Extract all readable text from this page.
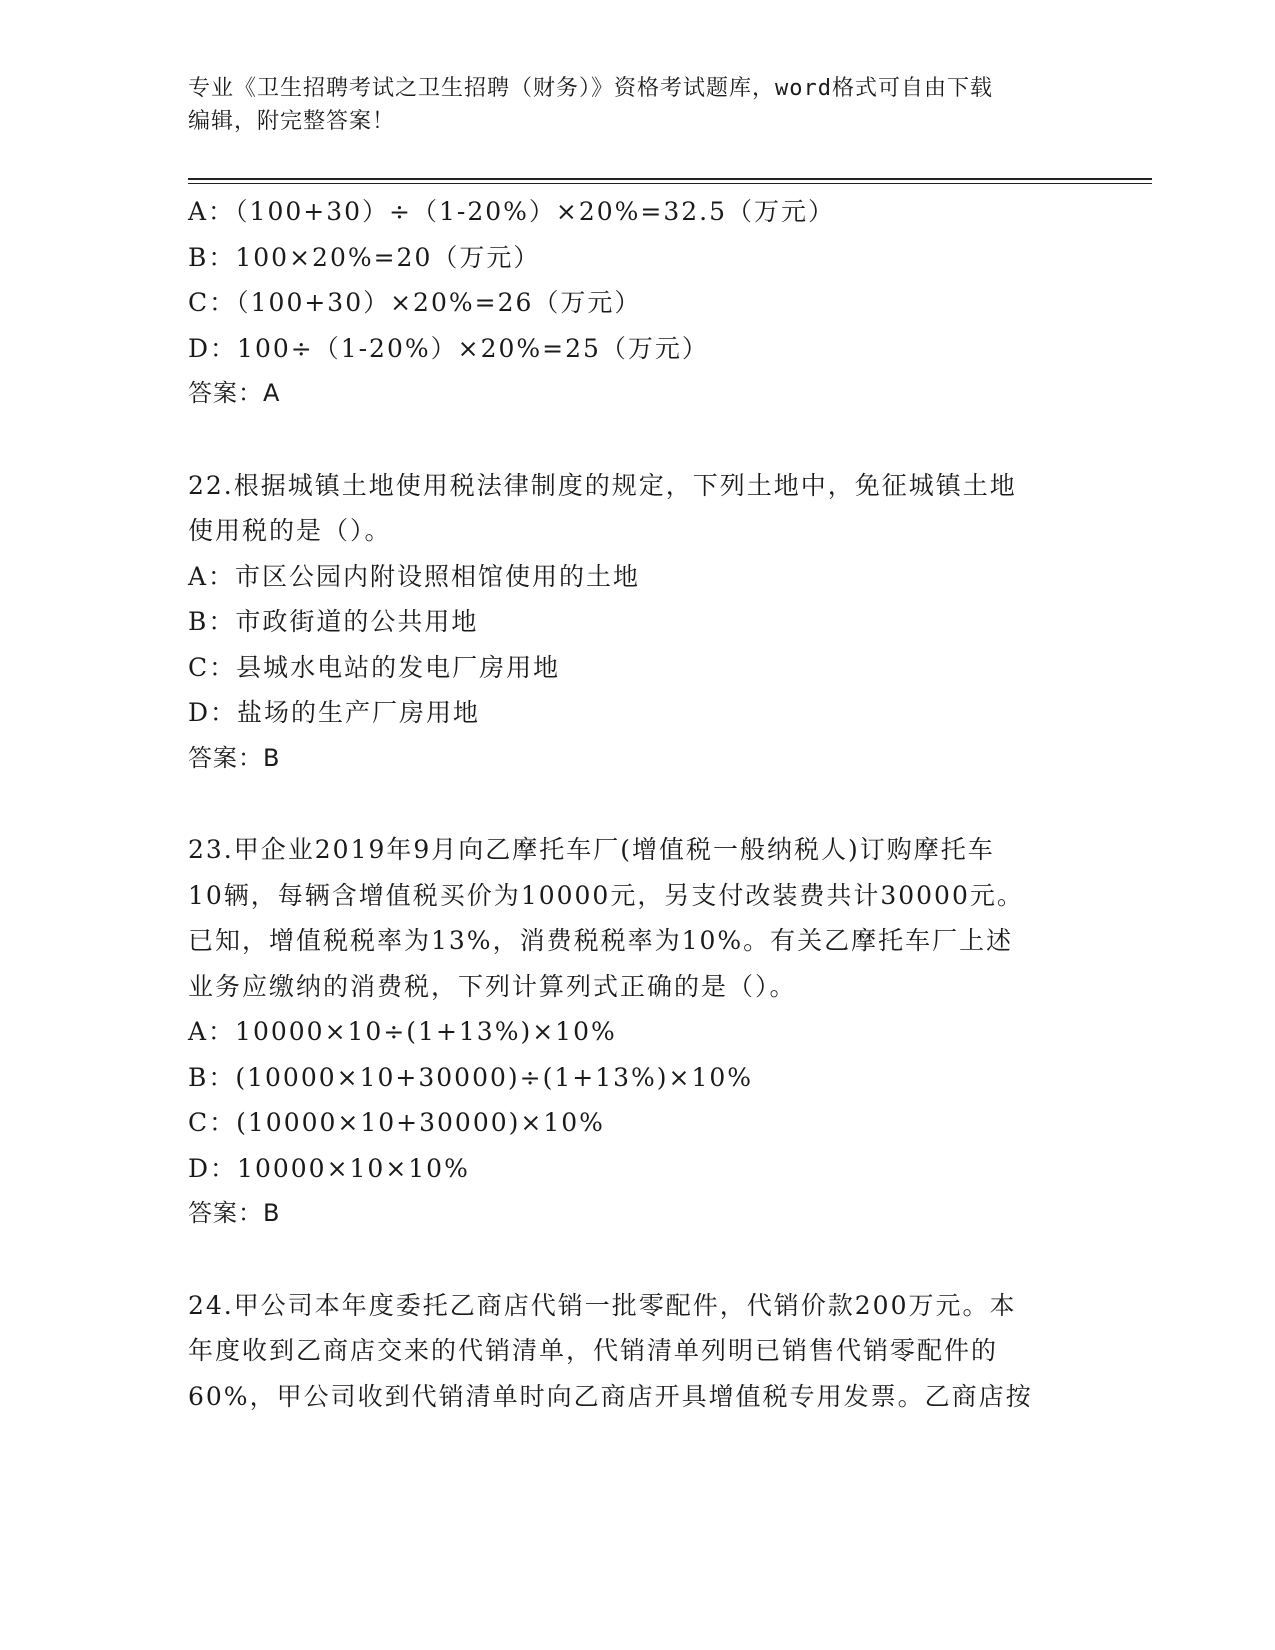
专业《卫生招聘考试之卫生招聘（财务）》资格考试题库，word格式可自由下载
编辑，附完整答案！
A：（100+30）÷（1-20%）×20%=32.5（万元）
B：100×20%=20（万元）
C：（100+30）×20%=26（万元）
D：100÷（1-20%）×20%=25（万元）
答案：A
22.根据城镇土地使用税法律制度的规定，下列土地中，免征城镇土地
使用税的是（）。
A：市区公园内附设照相馆使用的土地
B：市政街道的公共用地
C：县城水电站的发电厂房用地
D：盐场的生产厂房用地
答案：B
23.甲企业2019年9月向乙摩托车厂(增值税一般纳税人)订购摩托车
10辆，每辆含增值税买价为10000元，另支付改装费共计30000元。
已知，增值税税率为13%，消费税税率为10%。有关乙摩托车厂上述
业务应缴纳的消费税，下列计算列式正确的是（）。
A：10000×10÷(1+13%)×10%
B：(10000×10+30000)÷(1+13%)×10%
C：(10000×10+30000)×10%
D：10000×10×10%
答案：B
24.甲公司本年度委托乙商店代销一批零配件，代销价款200万元。本
年度收到乙商店交来的代销清单，代销清单列明已销售代销零配件的
60%，甲公司收到代销清单时向乙商店开具增值税专用发票。乙商店按
